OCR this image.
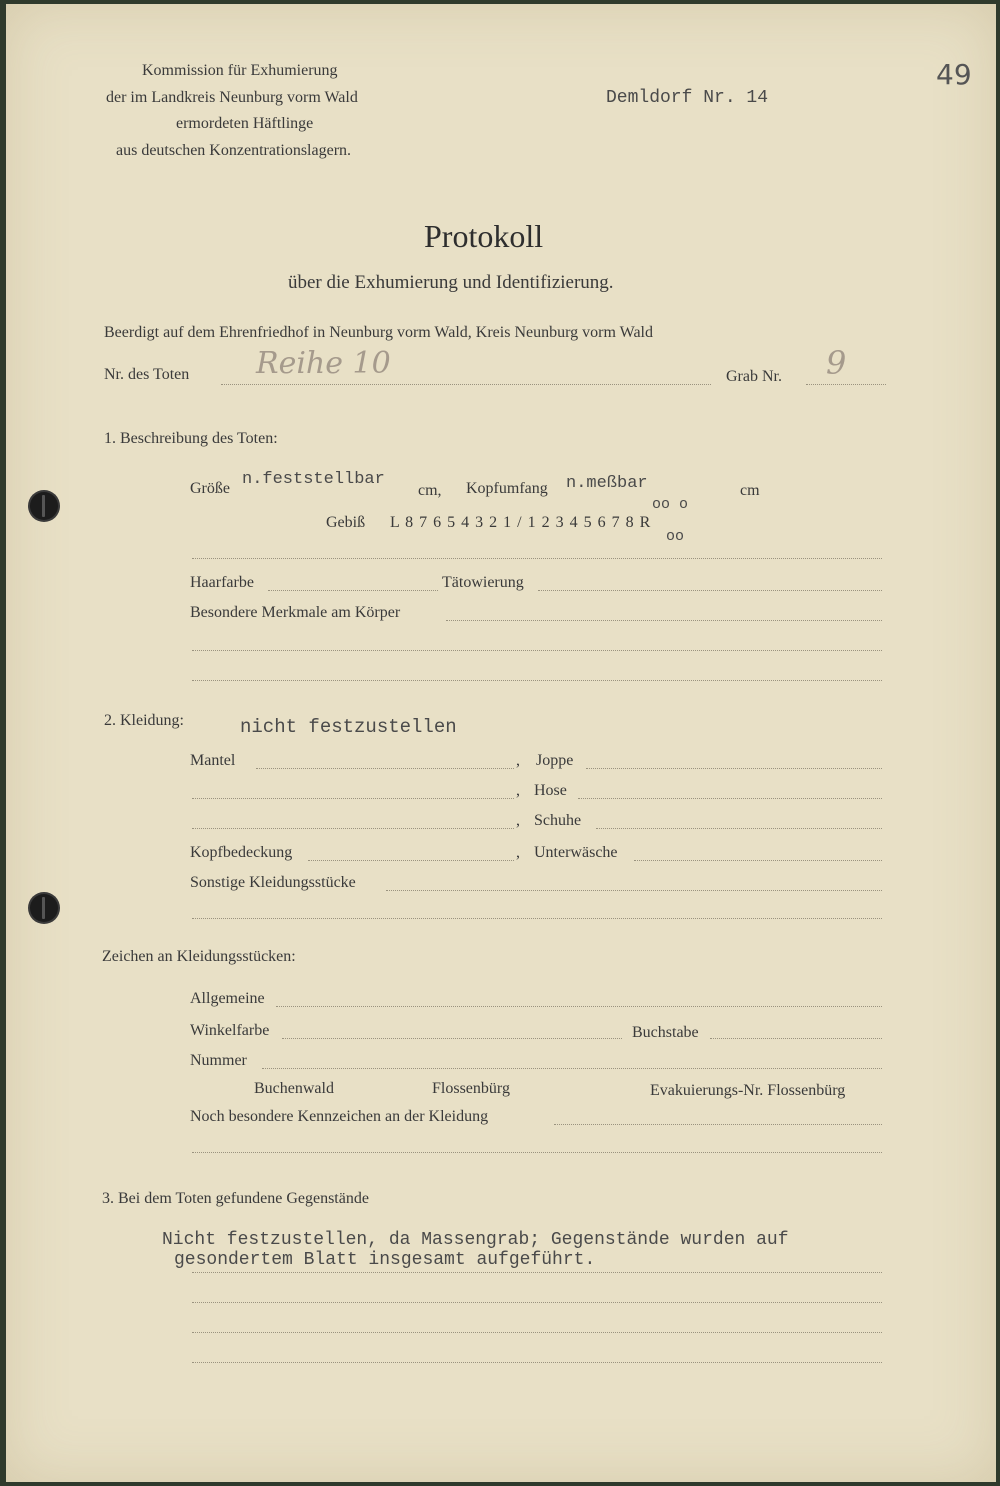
Kommission für Exhumierung
der im Landkreis Neunburg vorm Wald
ermordeten Häftlinge
aus deutschen Konzentrationslagern.
Demldorf Nr. 14
49
Protokoll
über die Exhumierung und Identifizierung.
Beerdigt auf dem Ehrenfriedhof in Neunburg vorm Wald, Kreis Neunburg vorm Wald
Nr. des Toten Reihe 10	Grab Nr. 9
1. Beschreibung des Toten:
Größe n.feststellbar
cm, Kopfumfang n.meßbar	cm
oo o
Gebiß L 8 7 6 5 4 3 2 1 / 1 2 3 4 5 6 7 8 R
oo
Haarfarbe	Tätowierung
Besondere Merkmale am Körper
2. Kleidung:	nicht festzustellen
Mantel	, Joppe
, Hose
, Schuhe
Kopfbedeckung	, Unterwäsche
Sonstige Kleidungsstücke
Zeichen an Kleidungsstücken:
Allgemeine
Winkelfarbe	Buchstabe
Nummer
Buchenwald	Flossenbürg	Evakuierungs-Nr. Flossenbürg
Noch besondere Kennzeichen an der Kleidung
3. Bei dem Toten gefundene Gegenstände
Nicht festzustellen, da Massengrab; Gegenstände wurden auf
gesondertem Blatt insgesamt aufgeführt.
